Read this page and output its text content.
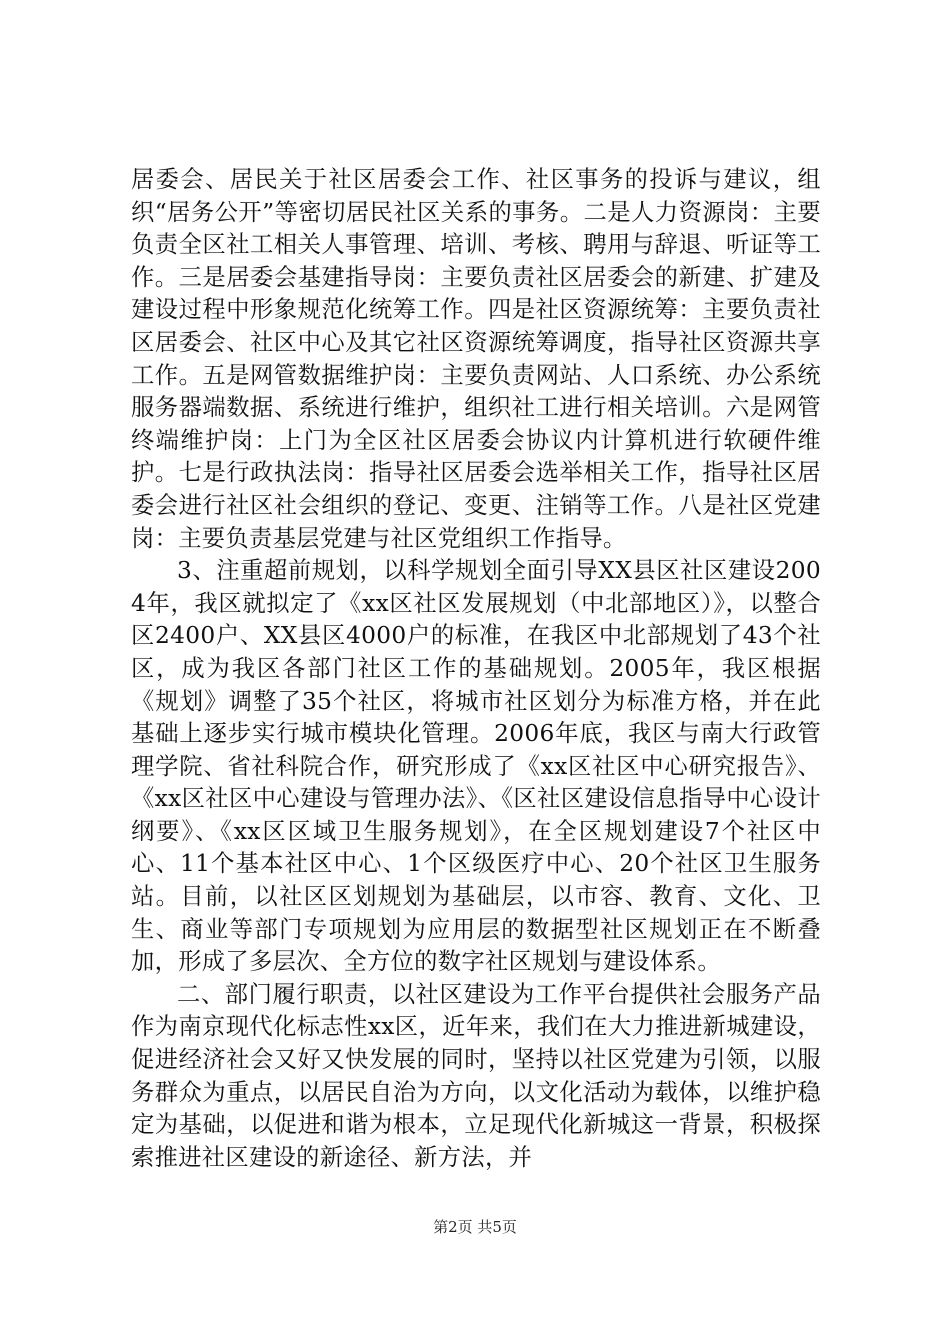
居委会、居民关于社区居委会工作、社区事务的投诉与建议，组织“居务公开”等密切居民社区关系的事务。二是人力资源岗：主要负责全区社工相关人事管理、培训、考核、聘用与辞退、听证等工作。三是居委会基建指导岗：主要负责社区居委会的新建、扩建及建设过程中形象规范化统筹工作。四是社区资源统筹：主要负责社区居委会、社区中心及其它社区资源统筹调度，指导社区资源共享工作。五是网管数据维护岗：主要负责网站、人口系统、办公系统服务器端数据、系统进行维护，组织社工进行相关培训。六是网管终端维护岗：上门为全区社区居委会协议内计算机进行软硬件维护。七是行政执法岗：指导社区居委会选举相关工作，指导社区居委会进行社区社会组织的登记、变更、注销等工作。八是社区党建岗：主要负责基层党建与社区党组织工作指导。

3、注重超前规划，以科学规划全面引导XX县区社区建设2004年，我区就拟定了《xx区社区发展规划（中北部地区）》，以整合区2400户、XX县区4000户的标准，在我区中北部规划了43个社区，成为我区各部门社区工作的基础规划。2005年，我区根据《规划》调整了35个社区，将城市社区划分为标准方格，并在此基础上逐步实行城市模块化管理。2006年底，我区与南大行政管理学院、省社科院合作，研究形成了《xx区社区中心研究报告》、《xx区社区中心建设与管理办法》、《区社区建设信息指导中心设计纲要》、《xx区区域卫生服务规划》，在全区规划建设7个社区中心、11个基本社区中心、1个区级医疗中心、20个社区卫生服务站。目前，以社区区划规划为基础层，以市容、教育、文化、卫生、商业等部门专项规划为应用层的数据型社区规划正在不断叠加，形成了多层次、全方位的数字社区规划与建设体系。

二、部门履行职责，以社区建设为工作平台提供社会服务产品作为南京现代化标志性xx区，近年来，我们在大力推进新城建设，促进经济社会又好又快发展的同时，坚持以社区党建为引领，以服务群众为重点，以居民自治为方向，以文化活动为载体，以维护稳定为基础，以促进和谐为根本，立足现代化新城这一背景，积极探索推进社区建设的新途径、新方法，并

第2页 共5页
